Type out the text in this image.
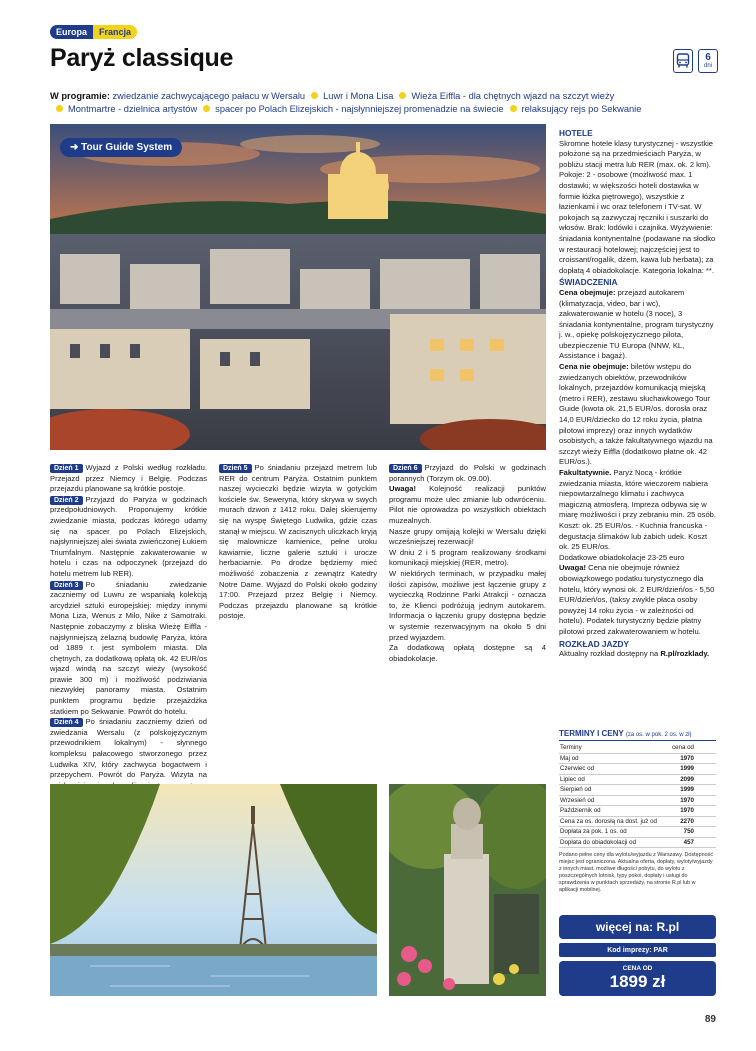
Europa	Francja
Paryż classique	6
dni
W programie: zwiedzanie zachwycającego pałacu w Wersalu Luwr i Mona Lisa Wieża Eiffla - dla chętnych wjazd na szczyt wieży
Montmartre - dzielnica artystów spacer po Polach Elizejskich - najsłynniejszej promenadzie na świecie relaksujący rejs po Sekwanie
➜ Tour Guide System
Dzień 1 Wyjazd z Polski według rozkładu. Przejazd przez Niemcy i Belgię. Podczas przejazdu planowane są krótkie postoje.
Dzień 2 Przyjazd do Paryża w godzinach przedpołudniowych. Proponujemy krótkie zwiedzanie miasta, podczas którego udamy się na spacer po Polach Elizejskich, najsłynniejszej alei świata zwieńczonej Łukiem Triumfalnym. Następnie zakwaterowanie w hotelu i czas na odpoczynek (przejazd do hotelu metrem lub RER).
Dzień 3 Po śniadaniu zwiedzanie zaczniemy od Luwru ze wspaniałą kolekcją arcydzieł sztuki europejskiej: między innymi Mona Liza, Wenus z Milo, Nike z Samotraki. Następnie zobaczymy z bliska Wieżę Eiffla - najsłynniejszą żelazną budowlę Paryża, która od 1889 r. jest symbolem miasta. Dla chętnych, za dodatkową opłatą ok. 42 EUR/os wjazd windą na szczyt wieży (wysokość prawie 300 m) i możliwość podziwiania niezwykłej panoramy miasta. Ostatnim punktem programu będzie przejażdżka statkiem po Sekwanie. Powrót do hotelu.
Dzień 4 Po śniadaniu zaczniemy dzień od zwiedzania Wersalu (z polskojęzycznym przewodnikiem lokalnym) - słynnego kompleksu pałacowego stworzonego przez Ludwika XIV, który zachwyca bogactwem i przepychem. Powrót do Paryża. Wizyta na
Dzień 5 Po śniadaniu przejazd metrem lub RER do centrum Paryża. Ostatnim punktem naszej wycieczki będzie wizyta w gotyckim kościele św. Seweryna, który skrywa w swych murach dzwon z 1412 roku. Dalej skierujemy się na wyspę Świętego Ludwika, gdzie czas stanął w miejscu. W zacisznych uliczkach kryją się malownicze kamienice, pełne uroku kawiarnie, liczne galerie sztuki i urocze herbaciarnie. Po drodze będziemy mieć możliwość zobaczenia z zewnątrz Katedry Notre Dame. Wyjazd do Polski około godziny 17:00. Przejazd przez Belgię i Niemcy. Podczas przejazdu planowane są krótkie postoje.
Dzień 6 Przyjazd do Polski w godzinach porannych (Torzym ok. 09.00).
Uwaga! Kolejność realizacji punktów programu może ulec zmianie lub odwróceniu. Pilot nie oprowadza po wszystkich obiektach muzealnych.
Nasze grupy omijają kolejki w Wersalu dzięki wcześniejszej rezerwacji!
W dniu 2 i 5 program realizowany środkami komunikacji miejskiej (RER, metro).
W niektórych terminach, w przypadku małej ilości zapisów, możliwe jest łączenie grupy z wycieczką Rodzinne Parki Atrakcji - oznacza to, że Klienci podróżują jednym autokarem. Informacja o łączeniu grupy dostępna będzie w systemie rezerwacyjnym na około 5 dni przed wyjazdem.
Za dodatkową opłatą dostępne są 4 obiadokolacje.
HOTELE

Skromne hotele klasy turystycznej - wszystkie położone są na przedmieściach Paryża, w pobliżu stacji metra lub RER (max. ok. 2 km). Pokoje: 2 - osobowe (możliwość max. 1 dostawki; w większości hoteli dostawka w formie łóżka piętrowego), wszystkie z łazienkami i wc oraz telefonem i TV-sat. W pokojach są zazwyczaj ręczniki i suszarki do włosów. Brak: lodówki i czajnika. Wyżywienie: śniadania kontynentalne (podawane na słodko w restauracji hotelowej; najczęściej jest to croissant/rogalik, dżem, kawa lub herbata); za dopłatą 4 obiadokolacje. Kategoria lokalna: **.

ŚWIADCZENIA

Cena obejmuje: przejazd autokarem (klimatyzacja, video, bar i wc), zakwaterowanie w hotelu (3 noce), 3 śniadania kontynentalne, program turystyczny j. w., opiekę polskojęzycznego pilota, ubezpieczenie TU Europa (NNW, KL, Assistance i bagaż).

Cena nie obejmuje: biletów wstępu do zwiedzanych obiektów, przewodników lokalnych, przejazdów komunikacją miejską (metro i RER), zestawu słuchawkowego Tour Guide (kwota ok. 21,5 EUR/os. dorosła oraz 14,0 EUR/dziecko do 12 roku życia, płatna pilotowi imprezy) oraz innych wydatków osobistych, a także fakultatywnego wjazdu na szczyt wieży Eiffla (dodatkowo płatne ok. 42 EUR/os.).

Fakultatywnie. Paryż Nocą - krótkie zwiedzania miasta, które wieczorem nabiera niepowtarzalnego klimatu i zachwyca magiczną atmosferą. Impreza odbywa się w miarę możliwości i przy zebraniu min. 25 osób. Koszt: ok. 25 EUR/os. - Kuchnia francuska - degustacja ślimaków lub żabich udek. Koszt ok. 25 EUR/os.

Dodatkowe obiadokolacje 23-25 euro

Uwaga! Cena nie obejmuje również obowiązkowego podatku turystycznego dla hotelu, który wynosi ok. 2 EUR/dzień/os - 5,50 EUR/dzień/os, (taksy zwykle płaca osoby powyżej 14 roku życia - w zależności od hotelu). Podatek turystyczny będzie płatny pilotowi przed zakwaterowaniem w hotelu.

ROZKŁAD JAZDY

Aktualny rozkład dostępny na R.pl/rozklady.

TERMINY I CENY (za os. w pok. 2 os. w zł)
Terminy	cena od
Maj od	1970
Czerwiec od	1999
Lipiec od	2099
Sierpień od	1999
Wrzesień od	1970
Październik od	1970
Cena za os. dorosłą na dost. już od	2270
Dopłata za pok. 1 os. od	750
Dopłata do obiadokolacji od	457

Podano pełne ceny dla wylotu/wyjazdu z Warszawy. Dostępność miejsc jest ograniczona. Aktualna oferta, dopłaty, wyloty/wyjazdy z innych miast, możliwe długości pobytu, do wylotu z poszczególnych lotnisk, typy pokoi, dopłaty i usługi do sprawdzenia w punktach sprzedaży, na stronie R.pl lub w aplikacji mobilnej.

więcej na: R.pl
Kod imprezy: PAR
CENA OD
1899 zł
89
